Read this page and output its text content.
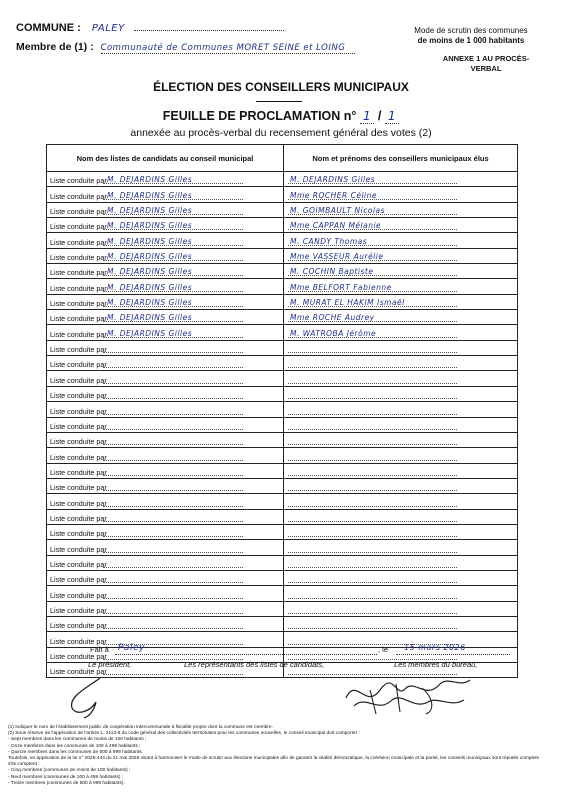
COMMUNE : PALEY
Membre de (1) : Communauté de Communes MORET SEINE et LOING
Mode de scrutin des communes
de moins de 1 000 habitants
ANNEXE 1 AU PROCÈS-
VERBAL
ÉLECTION DES CONSEILLERS MUNICIPAUX
FEUILLE DE PROCLAMATION n° 1 / 1
annexée au procès-verbal du recensement général des votes (2)
Nom des listes de candidats au conseil municipal	Nom et prénoms des conseillers municipaux élus

Liste conduite par M. DEJARDINS Gilles	M. DEJARDINS Gilles

Liste conduite par M. DEJARDINS Gilles	Mme ROCHER Céline

Liste conduite par M. DEJARDINS Gilles	M. GOIMBAULT Nicolas

Liste conduite par M. DEJARDINS Gilles	Mme CAPPAN Mélanie

Liste conduite par M. DEJARDINS Gilles	M. CANDY Thomas

Liste conduite par M. DEJARDINS Gilles	Mme VASSEUR Aurélie

Liste conduite par M. DEJARDINS Gilles	M. COCHIN Baptiste

Liste conduite par M. DEJARDINS Gilles	Mme BELFORT Fabienne

Liste conduite par M. DEJARDINS Gilles	M. MURAT EL HAKIM Ismaël

Liste conduite par M. DEJARDINS Gilles	Mme ROCHE Audrey

Liste conduite par M. DEJARDINS Gilles	M. WATROBA Jérôme

Liste conduite par	

Liste conduite par	

Liste conduite par	

Liste conduite par	

Liste conduite par	

Liste conduite par	

Liste conduite par	

Liste conduite par	

Liste conduite par	

Liste conduite par	

Liste conduite par	

Liste conduite par	

Liste conduite par	

Liste conduite par	

Liste conduite par	

Liste conduite par	

Liste conduite par	

Liste conduite par	

Liste conduite par	

Liste conduite par	

Liste conduite par	

Liste conduite par	

Fait à Paley	, le 15 mars 2026
Le président,	Les représentants des listes de candidats,	Les membres du bureau,
(1) Indiquer le nom de l'établissement public de coopération intercommunale à fiscalité propre dont la commune est membre.
(2) Sous réserve de l'application de l'article L. 2113-8 du code général des collectivités territoriales pour les communes nouvelles, le conseil municipal doit comporter :
- Sept membres dans les communes de moins de 100 habitants ;
- Onze membres dans les communes de 100 à 499 habitants ;
- Quinze membres dans les communes de 500 à 999 habitants.
Toutefois, en application de la loi n° 2025-444 du 21 mai 2025 visant à harmoniser le mode de scrutin aux élections municipales afin de garantir la vitalité démocratique, la cohésion municipale et la parité, les conseils municipaux sont réputés complets s'ils comptent :
- Cinq membres (communes de moins de 100 habitants) ;
- Neuf membres (communes de 100 à 499 habitants) ;
- Treize membres (communes de 500 à 999 habitants).
